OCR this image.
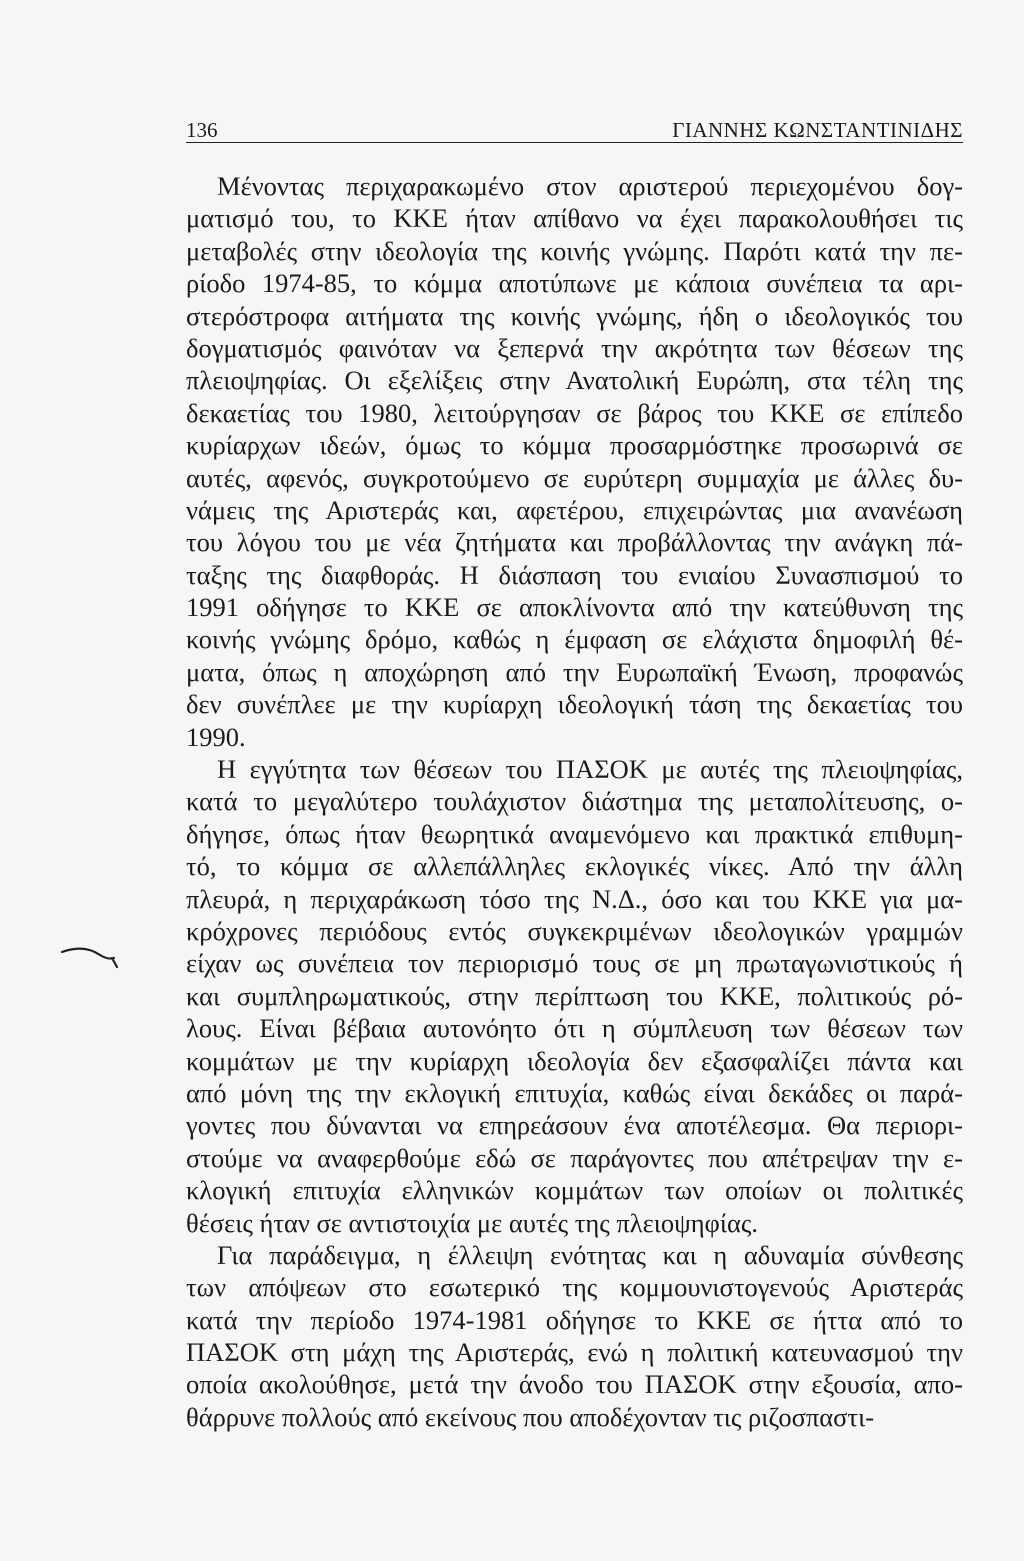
136	ΓΙΑΝΝΗΣ ΚΩΝΣΤΑΝΤΙΝΙΔΗΣ
Μένοντας περιχαρακωμένο στον αριστερού περιεχομένου δογ-
ματισμό του, το ΚΚΕ ήταν απίθανο να έχει παρακολουθήσει τις
μεταβολές στην ιδεολογία της κοινής γνώμης. Παρότι κατά την πε-
ρίοδο 1974-85, το κόμμα αποτύπωνε με κάποια συνέπεια τα αρι-
στερόστροφα αιτήματα της κοινής γνώμης, ήδη ο ιδεολογικός του
δογματισμός φαινόταν να ξεπερνά την ακρότητα των θέσεων της
πλειοψηφίας. Οι εξελίξεις στην Ανατολική Ευρώπη, στα τέλη της
δεκαετίας του 1980, λειτούργησαν σε βάρος του ΚΚΕ σε επίπεδο
κυρίαρχων ιδεών, όμως το κόμμα προσαρμόστηκε προσωρινά σε
αυτές, αφενός, συγκροτούμενο σε ευρύτερη συμμαχία με άλλες δυ-
νάμεις της Αριστεράς και, αφετέρου, επιχειρώντας μια ανανέωση
του λόγου του με νέα ζητήματα και προβάλλοντας την ανάγκη πά-
ταξης της διαφθοράς. Η διάσπαση του ενιαίου Συνασπισμού το
1991 οδήγησε το ΚΚΕ σε αποκλίνοντα από την κατεύθυνση της
κοινής γνώμης δρόμο, καθώς η έμφαση σε ελάχιστα δημοφιλή θέ-
ματα, όπως η αποχώρηση από την Ευρωπαϊκή Ένωση, προφανώς
δεν συνέπλεε με την κυρίαρχη ιδεολογική τάση της δεκαετίας του
1990.
Η εγγύτητα των θέσεων του ΠΑΣΟΚ με αυτές της πλειοψηφίας,
κατά το μεγαλύτερο τουλάχιστον διάστημα της μεταπολίτευσης, ο-
δήγησε, όπως ήταν θεωρητικά αναμενόμενο και πρακτικά επιθυμη-
τό, το κόμμα σε αλλεπάλληλες εκλογικές νίκες. Από την άλλη
πλευρά, η περιχαράκωση τόσο της Ν.Δ., όσο και του ΚΚΕ για μα-
κρόχρονες περιόδους εντός συγκεκριμένων ιδεολογικών γραμμών
είχαν ως συνέπεια τον περιορισμό τους σε μη πρωταγωνιστικούς ή
και συμπληρωματικούς, στην περίπτωση του ΚΚΕ, πολιτικούς ρό-
λους. Είναι βέβαια αυτονόητο ότι η σύμπλευση των θέσεων των
κομμάτων με την κυρίαρχη ιδεολογία δεν εξασφαλίζει πάντα και
από μόνη της την εκλογική επιτυχία, καθώς είναι δεκάδες οι παρά-
γοντες που δύνανται να επηρεάσουν ένα αποτέλεσμα. Θα περιορι-
στούμε να αναφερθούμε εδώ σε παράγοντες που απέτρεψαν την ε-
κλογική επιτυχία ελληνικών κομμάτων των οποίων οι πολιτικές
θέσεις ήταν σε αντιστοιχία με αυτές της πλειοψηφίας.
Για παράδειγμα, η έλλειψη ενότητας και η αδυναμία σύνθεσης
των απόψεων στο εσωτερικό της κομμουνιστογενούς Αριστεράς
κατά την περίοδο 1974-1981 οδήγησε το ΚΚΕ σε ήττα από το
ΠΑΣΟΚ στη μάχη της Αριστεράς, ενώ η πολιτική κατευνασμού την
οποία ακολούθησε, μετά την άνοδο του ΠΑΣΟΚ στην εξουσία, απο-
θάρρυνε πολλούς από εκείνους που αποδέχονταν τις ριζοσπαστι-
